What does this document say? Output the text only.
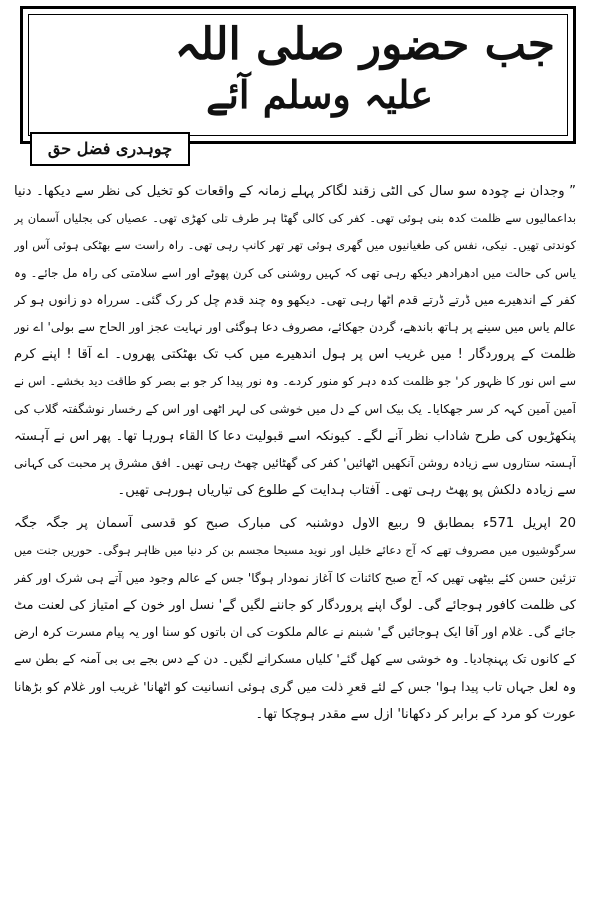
جب حضور صلی اللہ
علیہ وسلم آئے
چوہدری فضل حق
” وجدان نے چودہ سو سال کی الٹی زقند لگاکر پہلے زمانہ کے واقعات کو تخیل کی نظر سے دیکھا۔ دنیا
بداعمالیوں سے ظلمت کدہ بنی ہوئی تھی۔ کفر کی کالی گھٹا ہر طرف تلی کھڑی تھی۔ عصیاں کی بجلیاں آسمان پر
کوندتی تھیں۔ نیکی، نفس کی طغیانیوں میں گھری ہوئی تھر تھر کانپ رہی تھی۔ راہ راست سے بھٹکی ہوئی آس اور
یاس کی حالت میں ادھرادھر دیکھ رہی تھی کہ کہیں روشنی کی کرن پھوٹے اور اسے سلامتی کی راہ مل جائے۔ وہ
کفر کے اندھیرے میں ڈرتے ڈرتے قدم اٹھا رہی تھی۔ دیکھو وہ چند قدم چل کر رک گئی۔ سرراہ دو زانوں ہو کر
عالم یاس میں سینے پر ہاتھ باندھے، گردن جھکائے، مصروف دعا ہوگئی اور نہایت عجز اور الحاح سے بولی' اے نور
ظلمت کے پروردگار ! میں غریب اس پر ہول اندھیرے میں کب تک بھٹکتی پھروں۔ اے آقا ! اپنے کرم
سے اس نور کا ظہور کر' جو ظلمت کدہ دہر کو منور کردے۔ وہ نور پیدا کر جو بے بصر کو طاقت دید بخشے۔ اس نے
آمین آمین کہہ کر سر جھکایا۔ یک بیک اس کے دل میں خوشی کی لہر اٹھی اور اس کے رخسار نوشگفتہ گلاب کی
پنکھڑیوں کی طرح شاداب نظر آنے لگے۔ کیونکہ اسے قبولیت دعا کا القاء ہورہا تھا۔ پھر اس نے آہستہ
آہستہ ستاروں سے زیادہ روشن آنکھیں اٹھائیں' کفر کی گھٹائیں چھٹ رہی تھیں۔ افق مشرق پر محبت کی کہانی
سے زیادہ دلکش پو پھٹ رہی تھی۔ آفتاب ہدایت کے طلوع کی تیاریاں ہورہی تھیں۔
20 اپریل 571ء بمطابق 9 ربیع الاول دوشنبہ کی مبارک صبح کو قدسی آسمان پر جگہ جگہ
سرگوشیوں میں مصروف تھے کہ آج دعائے خلیل اور نوید مسیحا مجسم بن کر دنیا میں ظاہر ہوگی۔ حوریں جنت میں
تزئین حسن کئے بیٹھی تھیں کہ آج صبح کائنات کا آغاز نمودار ہوگا' جس کے عالم وجود میں آتے ہی شرک اور کفر
کی ظلمت کافور ہوجائے گی۔ لوگ اپنے پروردگار کو جاننے لگیں گے' نسل اور خون کے امتیاز کی لعنت مٹ
جائے گی۔ غلام اور آقا ایک ہوجائیں گے' شبنم نے عالم ملکوت کی ان باتوں کو سنا اور یہ پیام مسرت کرہ ارض
کے کانوں تک پہنچادیا۔ وہ خوشی سے کھل گئے' کلیاں مسکرانے لگیں۔ دن کے دس بجے بی بی آمنہ کے بطن سے
وہ لعل جہاں تاب پیدا ہوا' جس کے لئے قعرِ ذلت میں گری ہوئی انسانیت کو اٹھانا' غریب اور غلام کو بڑھانا
عورت کو مرد کے برابر کر دکھانا' ازل سے مقدر ہوچکا تھا۔
